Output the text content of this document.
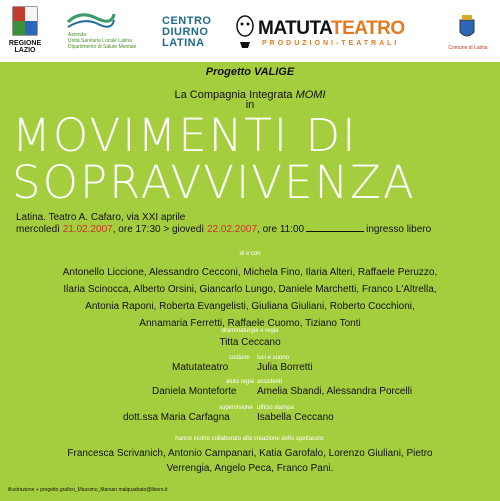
REGIONE LAZIO
Azienda
Unità Sanitaria Locale Latina
Dipartimento di Salute Mentale
CENTRO
DIURNO
LATINA
MATUTATEATRO
PRODUZIONI-TEATRALI
Comune di Latina
Progetto VALIGE
La Compagnia Integrata MOMI
in
MOVIMENTI DI
SOPRAVVIVENZA
Latina. Teatro A. Cafaro, via XXI aprile
mercoledì 21.02.2007, ore 17:30 > giovedì 22.02.2007, ore 11:00	ingresso libero
di e con
Antonello Liccione, Alessandro Cecconi, Michela Fino, Ilaria Alteri, Raffaele Peruzzo,
Ilaria Scinocca, Alberto Orsini, Giancarlo Lungo, Daniele Marchetti, Franco L'Altrella,
Antonia Raponi, Roberta Evangelisti, Giuliana Giuliani, Roberto Cocchioni,
Annamaria Ferretti, Raffaele Cuomo, Tiziano Tonti
drammaturgia e regia
Titta Ceccano
costumi
Matutateatro
luci e suono
Julia Borretti
aiuto regia
Daniela Monteforte
assistenti
Amelia Sbandi, Alessandra Porcelli
supervisione
dott.ssa Maria Carfagna
ufficio stampa
Isabella Ceccano
hanno inoltre collaborato alla creazione dello spettacolo:
Francesca Scrivanich, Antonio Campanari, Katia Garofalo, Lorenzo Giuliani, Pietro
Verrengia, Angelo Peca, Franco Pani.
illustrazione + progetto grafico_Massimo_Marsan malquadrato@libero.it
